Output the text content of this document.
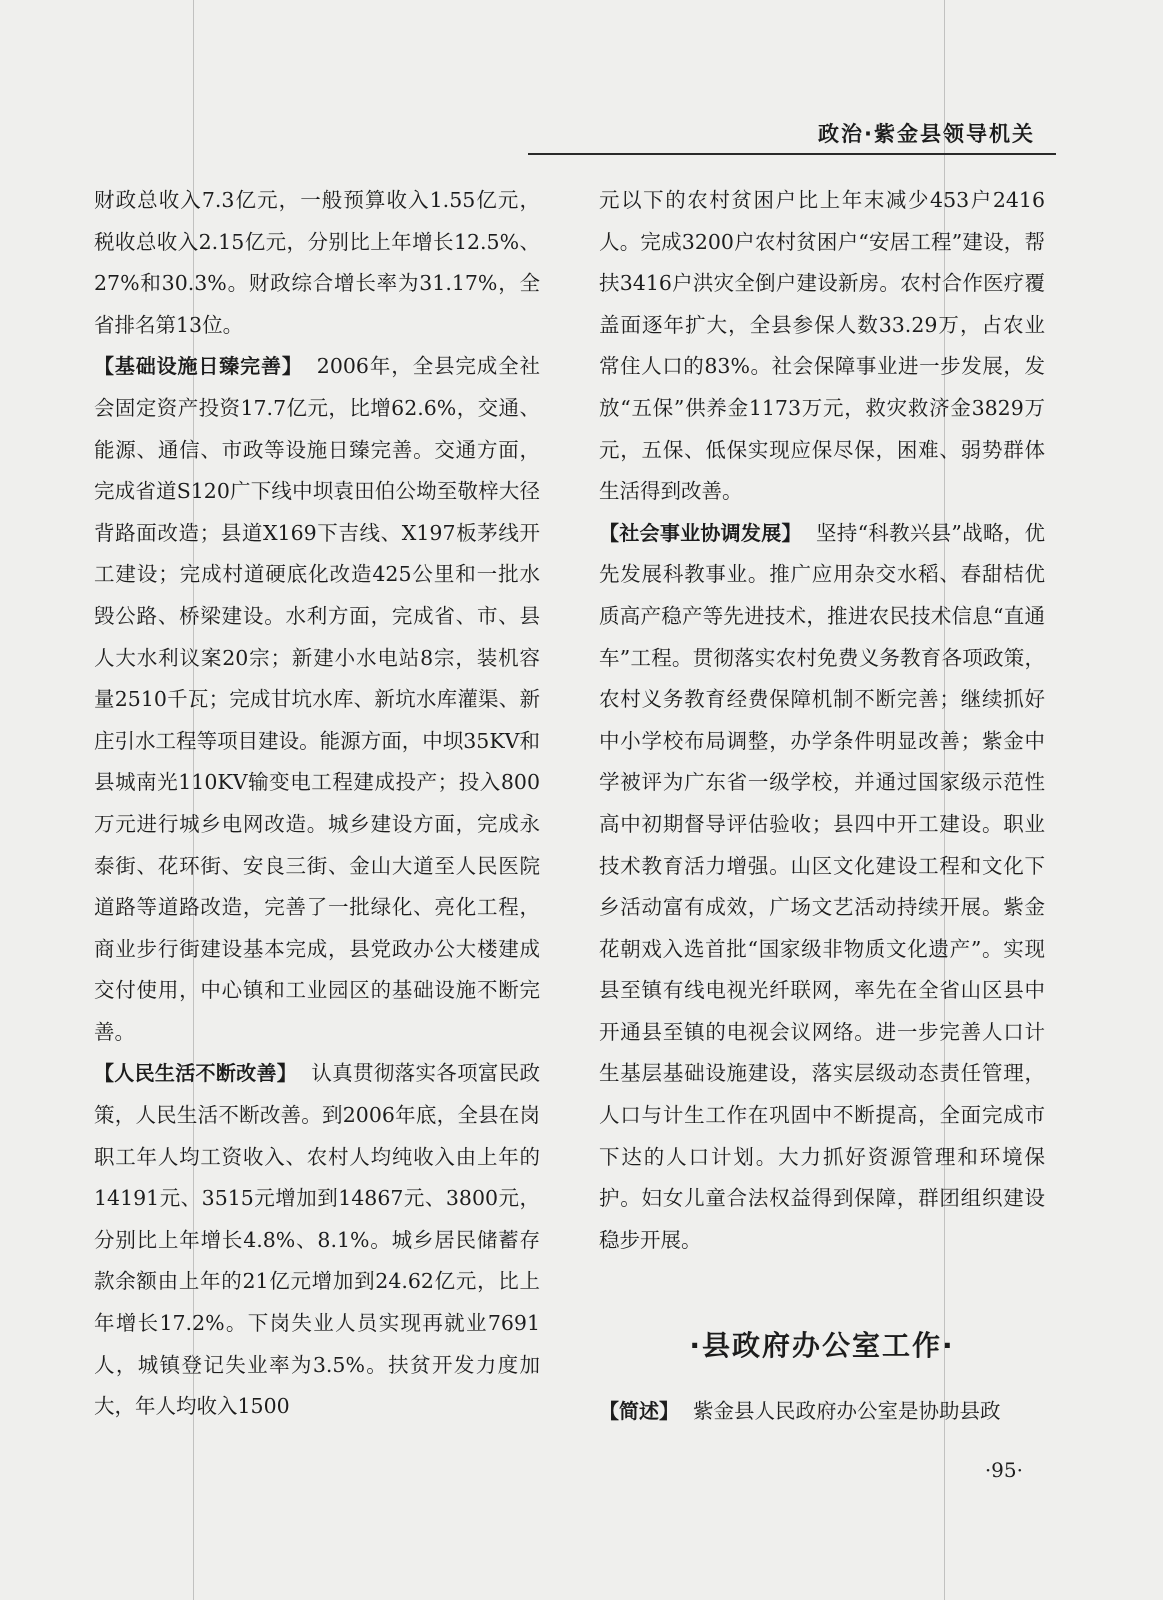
政治·紫金县领导机关

财政总收入7.3亿元，一般预算收入1.55亿元，税收总收入2.15亿元，分别比上年增长12.5%、27%和30.3%。财政综合增长率为31.17%，全省排名第13位。

【基础设施日臻完善】 2006年，全县完成全社会固定资产投资17.7亿元，比增62.6%，交通、能源、通信、市政等设施日臻完善。交通方面，完成省道S120广下线中坝袁田伯公坳至敬梓大径背路面改造；县道X169下吉线、X197板茅线开工建设；完成村道硬底化改造425公里和一批水毁公路、桥梁建设。水利方面，完成省、市、县人大水利议案20宗；新建小水电站8宗，装机容量2510千瓦；完成甘坑水库、新坑水库灌渠、新庄引水工程等项目建设。能源方面，中坝35KV和县城南光110KV输变电工程建成投产；投入800万元进行城乡电网改造。城乡建设方面，完成永泰街、花环街、安良三街、金山大道至人民医院道路等道路改造，完善了一批绿化、亮化工程，商业步行街建设基本完成，县党政办公大楼建成交付使用，中心镇和工业园区的基础设施不断完善。

【人民生活不断改善】 认真贯彻落实各项富民政策，人民生活不断改善。到2006年底，全县在岗职工年人均工资收入、农村人均纯收入由上年的14191元、3515元增加到14867元、3800元，分别比上年增长4.8%、8.1%。城乡居民储蓄存款余额由上年的21亿元增加到24.62亿元，比上年增长17.2%。下岗失业人员实现再就业7691人，城镇登记失业率为3.5%。扶贫开发力度加大，年人均收入1500

元以下的农村贫困户比上年末减少453户2416人。完成3200户农村贫困户“安居工程”建设，帮扶3416户洪灾全倒户建设新房。农村合作医疗覆盖面逐年扩大，全县参保人数33.29万，占农业常住人口的83%。社会保障事业进一步发展，发放“五保”供养金1173万元，救灾救济金3829万元，五保、低保实现应保尽保，困难、弱势群体生活得到改善。

【社会事业协调发展】 坚持“科教兴县”战略，优先发展科教事业。推广应用杂交水稻、春甜桔优质高产稳产等先进技术，推进农民技术信息“直通车”工程。贯彻落实农村免费义务教育各项政策，农村义务教育经费保障机制不断完善；继续抓好中小学校布局调整，办学条件明显改善；紫金中学被评为广东省一级学校，并通过国家级示范性高中初期督导评估验收；县四中开工建设。职业技术教育活力增强。山区文化建设工程和文化下乡活动富有成效，广场文艺活动持续开展。紫金花朝戏入选首批“国家级非物质文化遗产”。实现县至镇有线电视光纤联网，率先在全省山区县中开通县至镇的电视会议网络。进一步完善人口计生基层基础设施建设，落实层级动态责任管理，人口与计生工作在巩固中不断提高，全面完成市下达的人口计划。大力抓好资源管理和环境保护。妇女儿童合法权益得到保障，群团组织建设稳步开展。

·县政府办公室工作·

【简述】 紫金县人民政府办公室是协助县政

·95·
